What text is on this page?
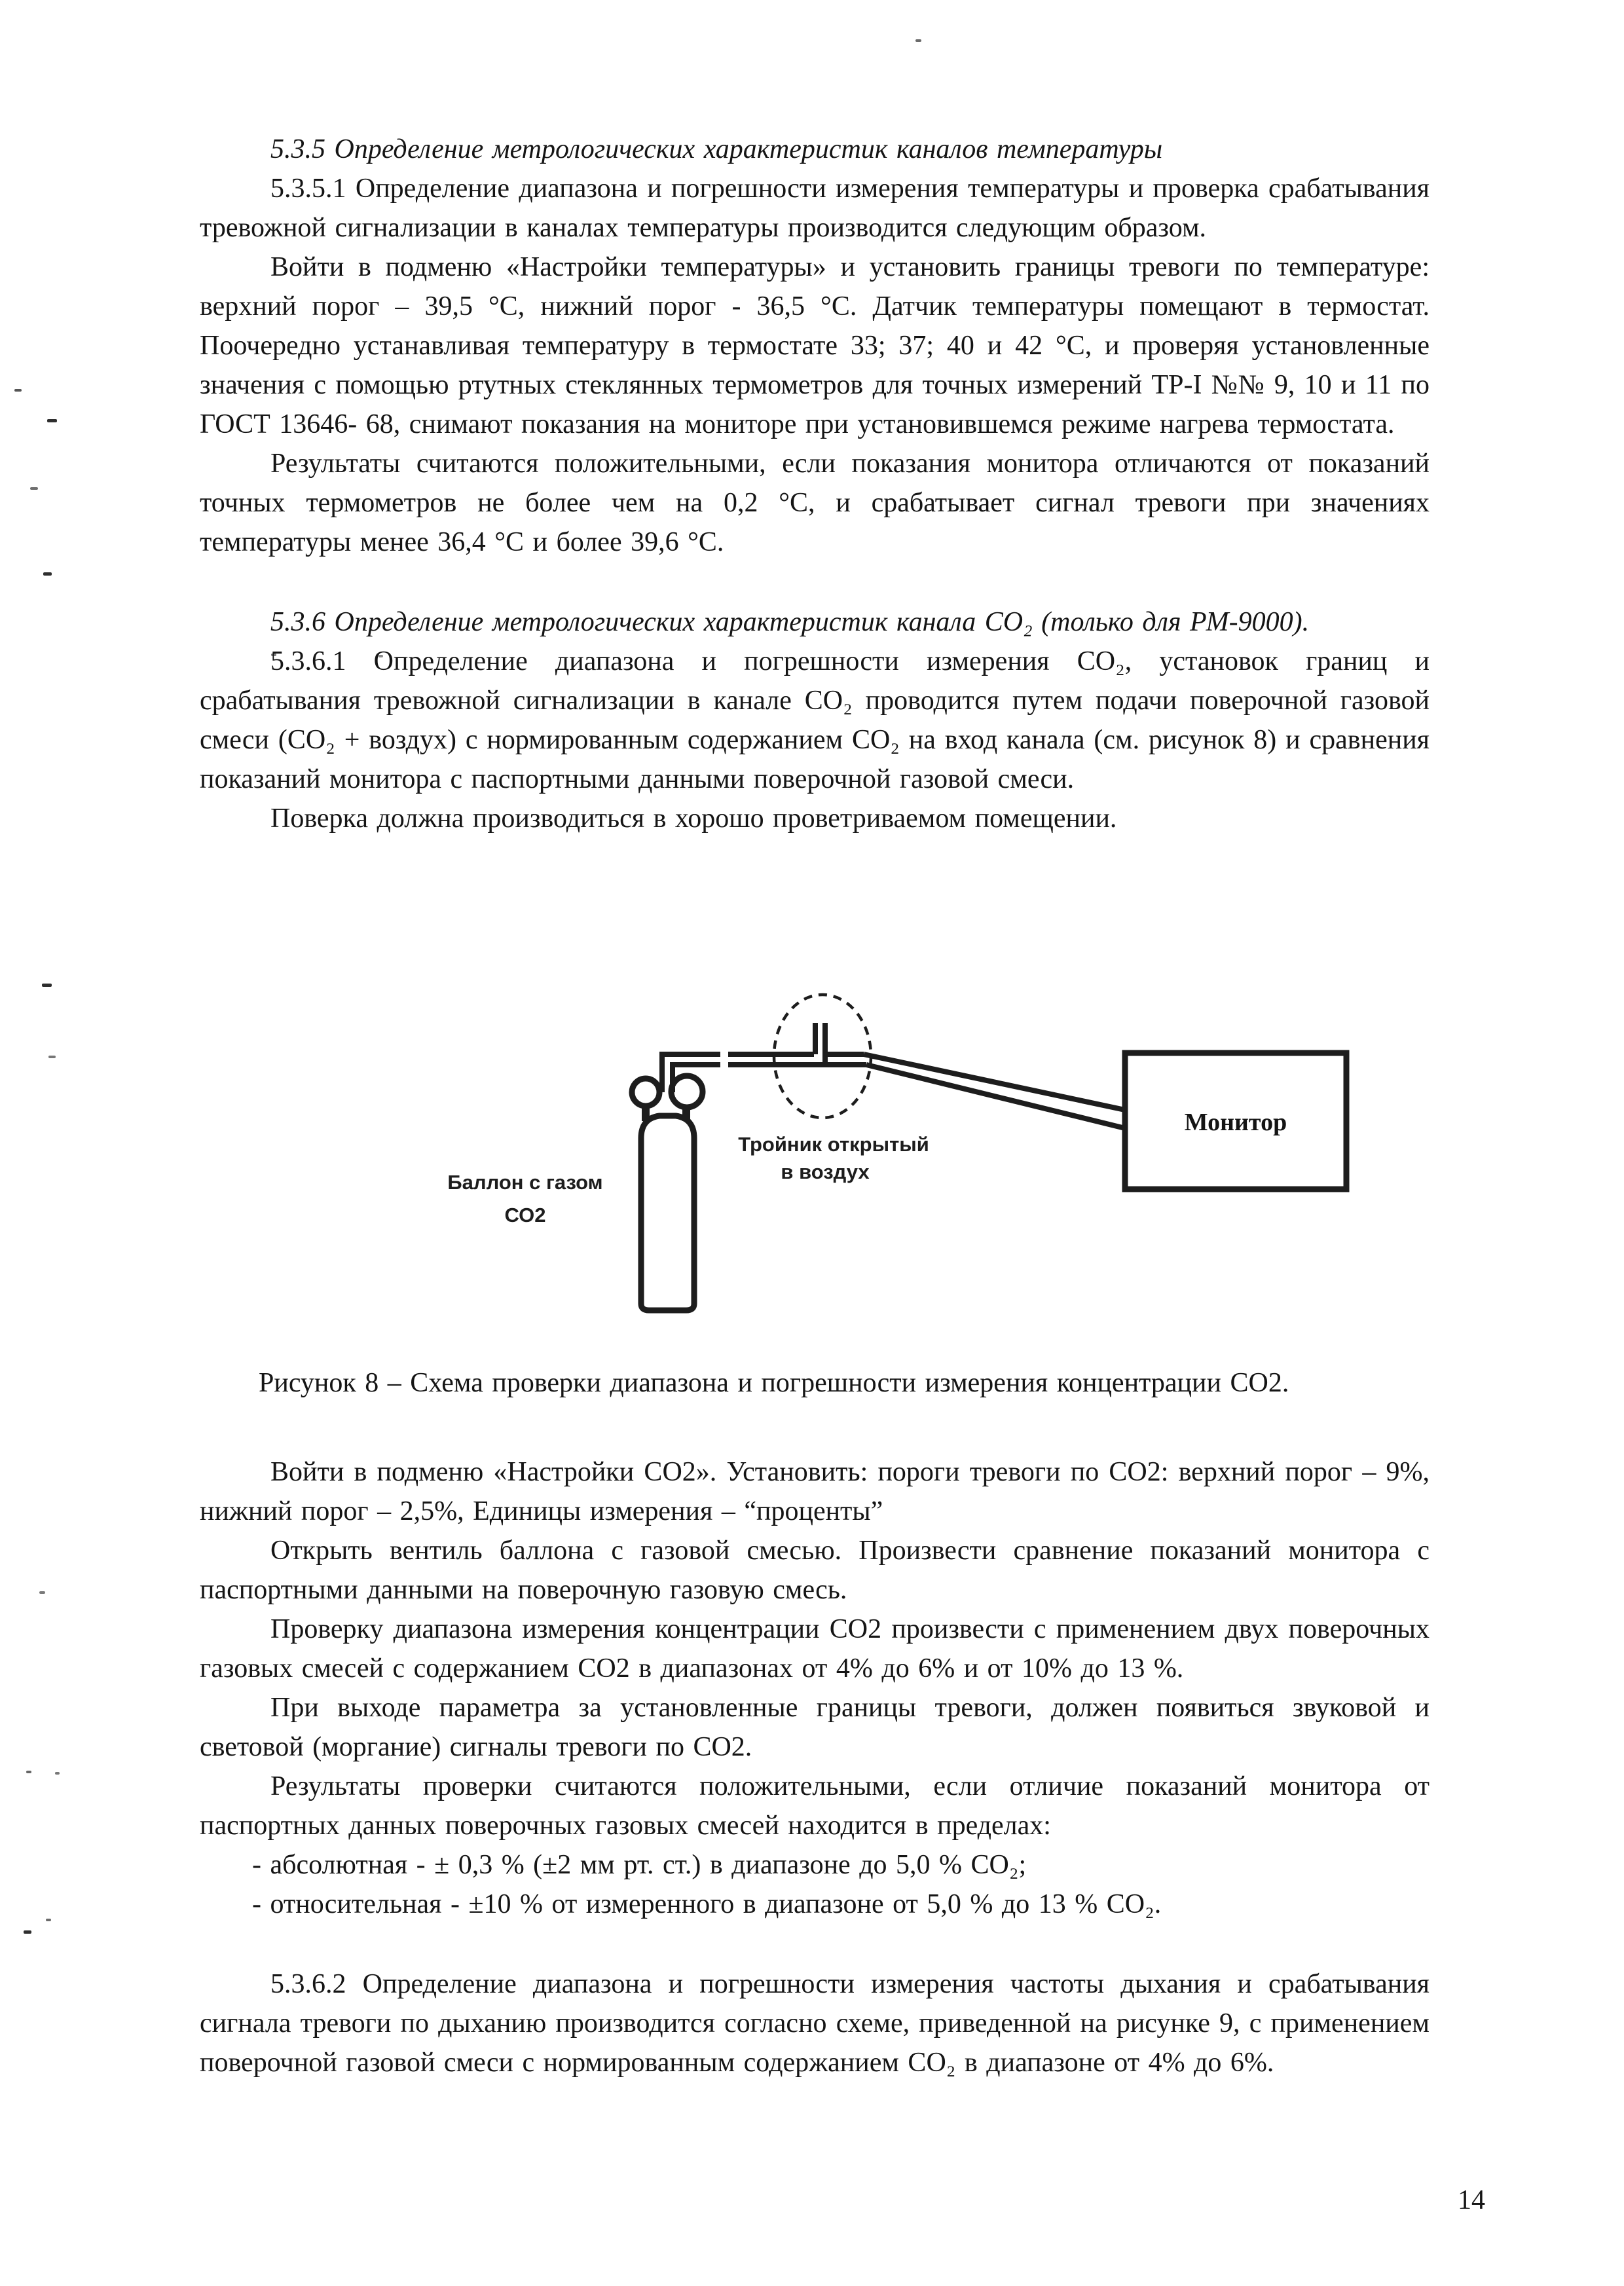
5.3.5 Определение метрологических характеристик каналов температуры

5.3.5.1 Определение диапазона и погрешности измерения температуры и проверка срабатывания тревожной сигнализации в каналах температуры производится следующим образом.

Войти в подменю «Настройки температуры» и установить границы тревоги по температуре: верхний порог – 39,5 °С, нижний порог - 36,5 °С. Датчик температуры помещают в термостат. Поочередно устанавливая температуру в термостате 33; 37; 40 и 42 °С, и проверяя установленные значения с помощью ртутных стеклянных термометров для точных измерений ТР-I №№ 9, 10 и 11 по ГОСТ 13646- 68, снимают показания на мониторе при установившемся режиме нагрева термостата.

Результаты считаются положительными, если показания монитора отличаются от показаний точных термометров не более чем на 0,2 °С, и срабатывает сигнал тревоги при значениях температуры менее 36,4 °С и более 39,6 °С.

5.3.6 Определение метрологических характеристик канала СО₂ (только для РМ-9000).

5.3.6.1 Определение диапазона и погрешности измерения СО₂, установок границ и срабатывания тревожной сигнализации в канале СО₂ проводится путем подачи поверочной газовой смеси (СО₂ + воздух) с нормированным содержанием СО₂ на вход канала (см. рисунок 8) и сравнения показаний монитора с паспортными данными поверочной газовой смеси.

Поверка должна производиться в хорошо проветриваемом помещении.

Монитор
Тройник открытый
в воздух
Баллон с газом
СО2

Рисунок 8 – Схема проверки диапазона и погрешности измерения концентрации СО2.

Войти в подменю «Настройки СО2». Установить: пороги тревоги по СО2: верхний порог – 9%, нижний порог – 2,5%, Единицы измерения – “проценты”

Открыть вентиль баллона с газовой смесью. Произвести сравнение показаний монитора с паспортными данными на поверочную газовую смесь.

Проверку диапазона измерения концентрации СО2 произвести с применением двух поверочных газовых смесей с содержанием СО2 в диапазонах от 4% до 6% и от 10% до 13 %.

При выходе параметра за установленные границы тревоги, должен появиться звуковой и световой (моргание) сигналы тревоги по СО2.

Результаты проверки считаются положительными, если отличие показаний монитора от паспортных данных поверочных газовых смесей находится в пределах:

- абсолютная - ± 0,3 % (±2 мм рт. ст.) в диапазоне до 5,0 % СО₂;

- относительная - ±10 % от измеренного в диапазоне от 5,0 % до 13 % СО₂.

5.3.6.2 Определение диапазона и погрешности измерения частоты дыхания и срабатывания сигнала тревоги по дыханию производится согласно схеме, приведенной на рисунке 9, с применением поверочной газовой смеси с нормированным содержанием СО₂ в диапазоне от 4% до 6%.

14
